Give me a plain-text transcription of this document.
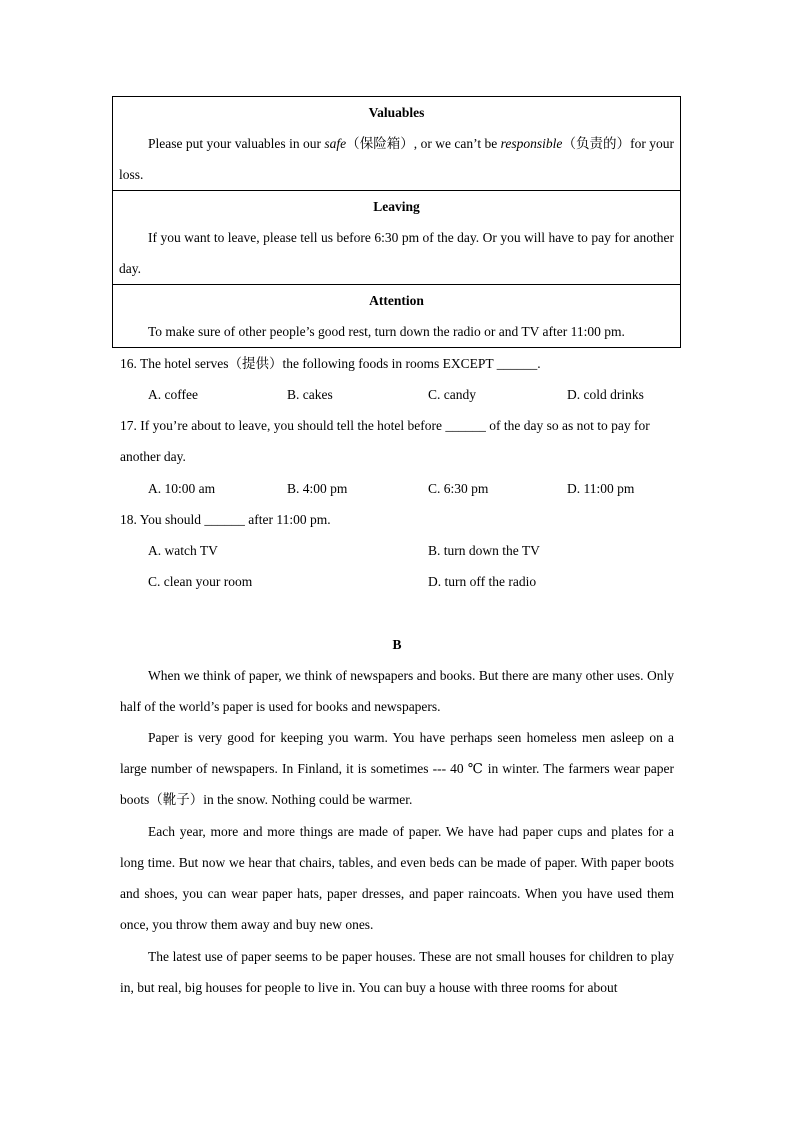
Valuables
Please put your valuables in our safe（保险箱）, or we can’t be responsible（负责的）for your loss.
Leaving
If you want to leave, please tell us before 6:30 pm of the day. Or you will have to pay for another day.
Attention
To make sure of other people’s good rest, turn down the radio or and TV after 11:00 pm.
16. The hotel serves（提供）the following foods in rooms EXCEPT ______.
A. coffee	B. cakes	C. candy	D. cold drinks
17. If you’re about to leave, you should tell the hotel before ______ of the day so as not to pay for
another day.
A. 10:00 am	B. 4:00 pm	C. 6:30 pm	D. 11:00 pm
18. You should ______ after 11:00 pm.
A. watch TV	B. turn down the TV
C. clean your room	D. turn off the radio
B
When we think of paper, we think of newspapers and books. But there are many other uses. Only half of the world’s paper is used for books and newspapers.
Paper is very good for keeping you warm. You have perhaps seen homeless men asleep on a large number of newspapers. In Finland, it is sometimes --- 40 ℃ in winter. The farmers wear paper boots（靴子）in the snow. Nothing could be warmer.
Each year, more and more things are made of paper. We have had paper cups and plates for a long time. But now we hear that chairs, tables, and even beds can be made of paper. With paper boots and shoes, you can wear paper hats, paper dresses, and paper raincoats. When you have used them once, you throw them away and buy new ones.
The latest use of paper seems to be paper houses. These are not small houses for children to play in, but real, big houses for people to live in. You can buy a house with three rooms for about
